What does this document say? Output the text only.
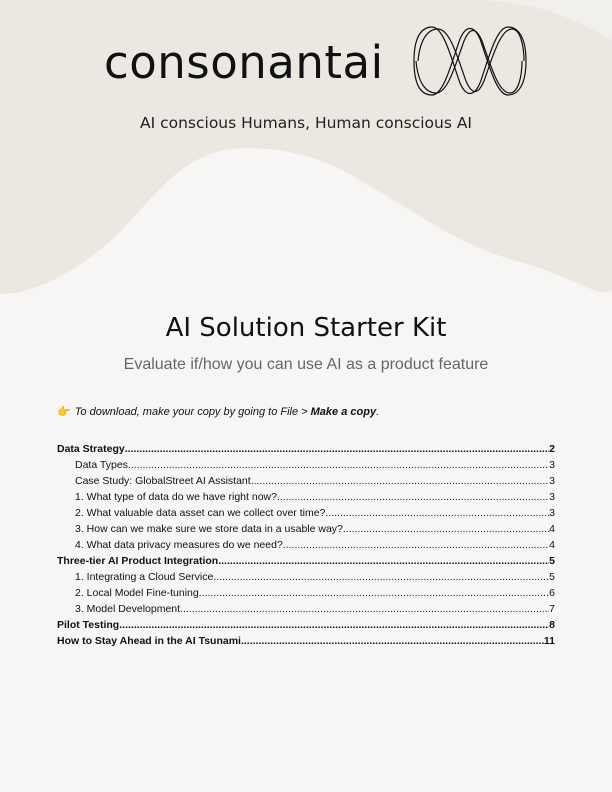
consonantai
AI conscious Humans, Human conscious AI
AI Solution Starter Kit
Evaluate if/how you can use AI as a product feature
👉 To download, make your copy by going to File > Make a copy.
Data Strategy .....	2
Data Types .....	3
Case Study: GlobalStreet AI Assistant .....	3
1. What type of data do we have right now? .....	3
2. What valuable data asset can we collect over time? .....	3
3. How can we make sure we store data in a usable way? .....	4
4. What data privacy measures do we need? .....	4
Three-tier AI Product Integration .....	5
1. Integrating a Cloud Service .....	5
2. Local Model Fine-tuning .....	6
3. Model Development .....	7
Pilot Testing .....	8
How to Stay Ahead in the AI Tsunami .....	11
